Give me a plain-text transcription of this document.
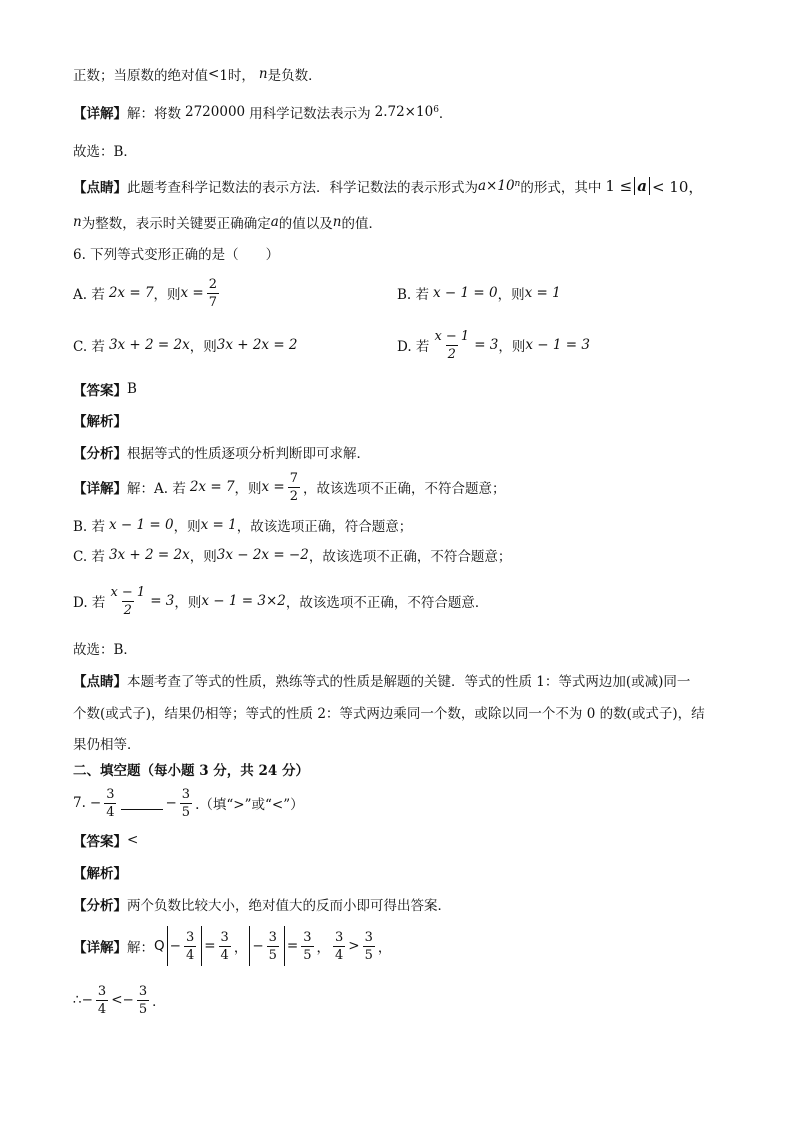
正数；当原数的绝对值 < 1时， n 是负数．
【详解】 解：将数 2720000 用科学记数法表示为 $2.72\times 10^6$ ．
故选：B．
【点睛】 此题考查科学记数法的表示方法．科学记数法的表示形式为 $a\times 10^n$ 的形式，其中 1 ≤ a < 10，
n 为整数，表示时关键要正确确定 a 的值以及 n 的值．
6. 下列等式变形正确的是（　　）
A. 若 2x = 7 ，则 $x = \frac{2}{7}$	B. 若 x − 1 = 0 ，则 x = 1
C. 若 3x + 2 = 2x ，则 3x + 2x = 2	D. 若 $\frac{x - 1}{2} = 3$ ，则 x − 1 = 3
【答案】 B
【解析】
【分析】 根据等式的性质逐项分析判断即可求解．
【详解】 解：A. 若 2x = 7 ，则 $x = \frac{7}{2}$ ，故该选项不正确，不符合题意；
B. 若 x − 1 = 0 ，则 x = 1 ，故该选项正确，符合题意；
C. 若 3x + 2 = 2x ，则 3x − 2x = −2 ，故该选项不正确，不符合题意；
D. 若 $\frac{x - 1}{2} = 3$ ，则 x − 1 = 3×2 ，故该选项不正确，不符合题意．
故选：B．
【点睛】 本题考查了等式的性质，熟练等式的性质是解题的关键．等式的性质 1：等式两边加(或减)同一
个数(或式子)，结果仍相等；等式的性质 2：等式两边乘同一个数，或除以同一个不为 0 的数(或式子)，结
果仍相等．
二、填空题（每小题 3 分，共 24 分）
7. − $\frac{3}{4}$	− $\frac{3}{5}$ .（填“>”或“<”）
【答案】 <
【解析】
【分析】 两个负数比较大小，绝对值大的反而小即可得出答案．
【详解】 解： $Q - \frac{3}{4} = \frac{3}{4}$ ， − $\frac{3}{5} = \frac{3}{5}$ ， $\frac{3}{4} > \frac{3}{5}$ ，
∴ − $\frac{3}{4}$ < − $\frac{3}{5}$ ．
